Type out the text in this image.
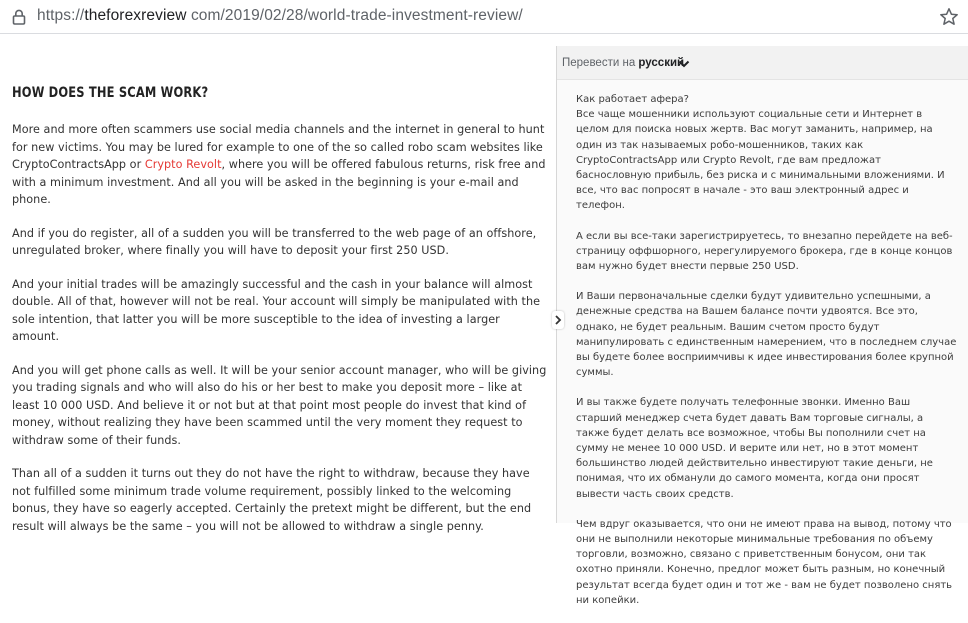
https://theforexreview com/2019/02/28/world-trade-investment-review/
HOW DOES THE SCAM WORK?

More and more often scammers use social media channels and the internet in general to hunt for new victims. You may be lured for example to one of the so called robo scam websites like CryptoContractsApp or Crypto Revolt, where you will be offered fabulous returns, risk free and with a minimum investment. And all you will be asked in the beginning is your e-mail and phone.

And if you do register, all of a sudden you will be transferred to the web page of an offshore, unregulated broker, where finally you will have to deposit your first 250 USD.

And your initial trades will be amazingly successful and the cash in your balance will almost double. All of that, however will not be real. Your account will simply be manipulated with the sole intention, that latter you will be more susceptible to the idea of investing a larger amount.

And you will get phone calls as well. It will be your senior account manager, who will be giving you trading signals and who will also do his or her best to make you deposit more – like at least 10 000 USD. And believe it or not but at that point most people do invest that kind of money, without realizing they have been scammed until the very moment they request to withdraw some of their funds.

Than all of a sudden it turns out they do not have the right to withdraw, because they have not fulfilled some minimum trade volume requirement, possibly linked to the welcoming bonus, they have so eagerly accepted. Certainly the pretext might be different, but the end result will always be the same – you will not be allowed to withdraw a single penny.

Перевести на русский

Как работает афера?
Все чаще мошенники используют социальные сети и Интернет в целом для поиска новых жертв. Вас могут заманить, например, на один из так называемых робо-мошенников, таких как CryptoContractsApp или Crypto Revolt, где вам предложат баснословную прибыль, без риска и с минимальными вложениями. И все, что вас попросят в начале - это ваш электронный адрес и телефон.

А если вы все-таки зарегистрируетесь, то внезапно перейдете на веб-страницу оффшорного, нерегулируемого брокера, где в конце концов вам нужно будет внести первые 250 USD.

И Ваши первоначальные сделки будут удивительно успешными, а денежные средства на Вашем балансе почти удвоятся. Все это, однако, не будет реальным. Вашим счетом просто будут манипулировать с единственным намерением, что в последнем случае вы будете более восприимчивы к идее инвестирования более крупной суммы.

И вы также будете получать телефонные звонки. Именно Ваш старший менеджер счета будет давать Вам торговые сигналы, а также будет делать все возможное, чтобы Вы пополнили счет на сумму не менее 10 000 USD. И верите или нет, но в этот момент большинство людей действительно инвестируют такие деньги, не понимая, что их обманули до самого момента, когда они просят вывести часть своих средств.

Чем вдруг оказывается, что они не имеют права на вывод, потому что они не выполнили некоторые минимальные требования по объему торговли, возможно, связано с приветственным бонусом, они так охотно приняли. Конечно, предлог может быть разным, но конечный результат всегда будет один и тот же - вам не будет позволено снять ни копейки.
